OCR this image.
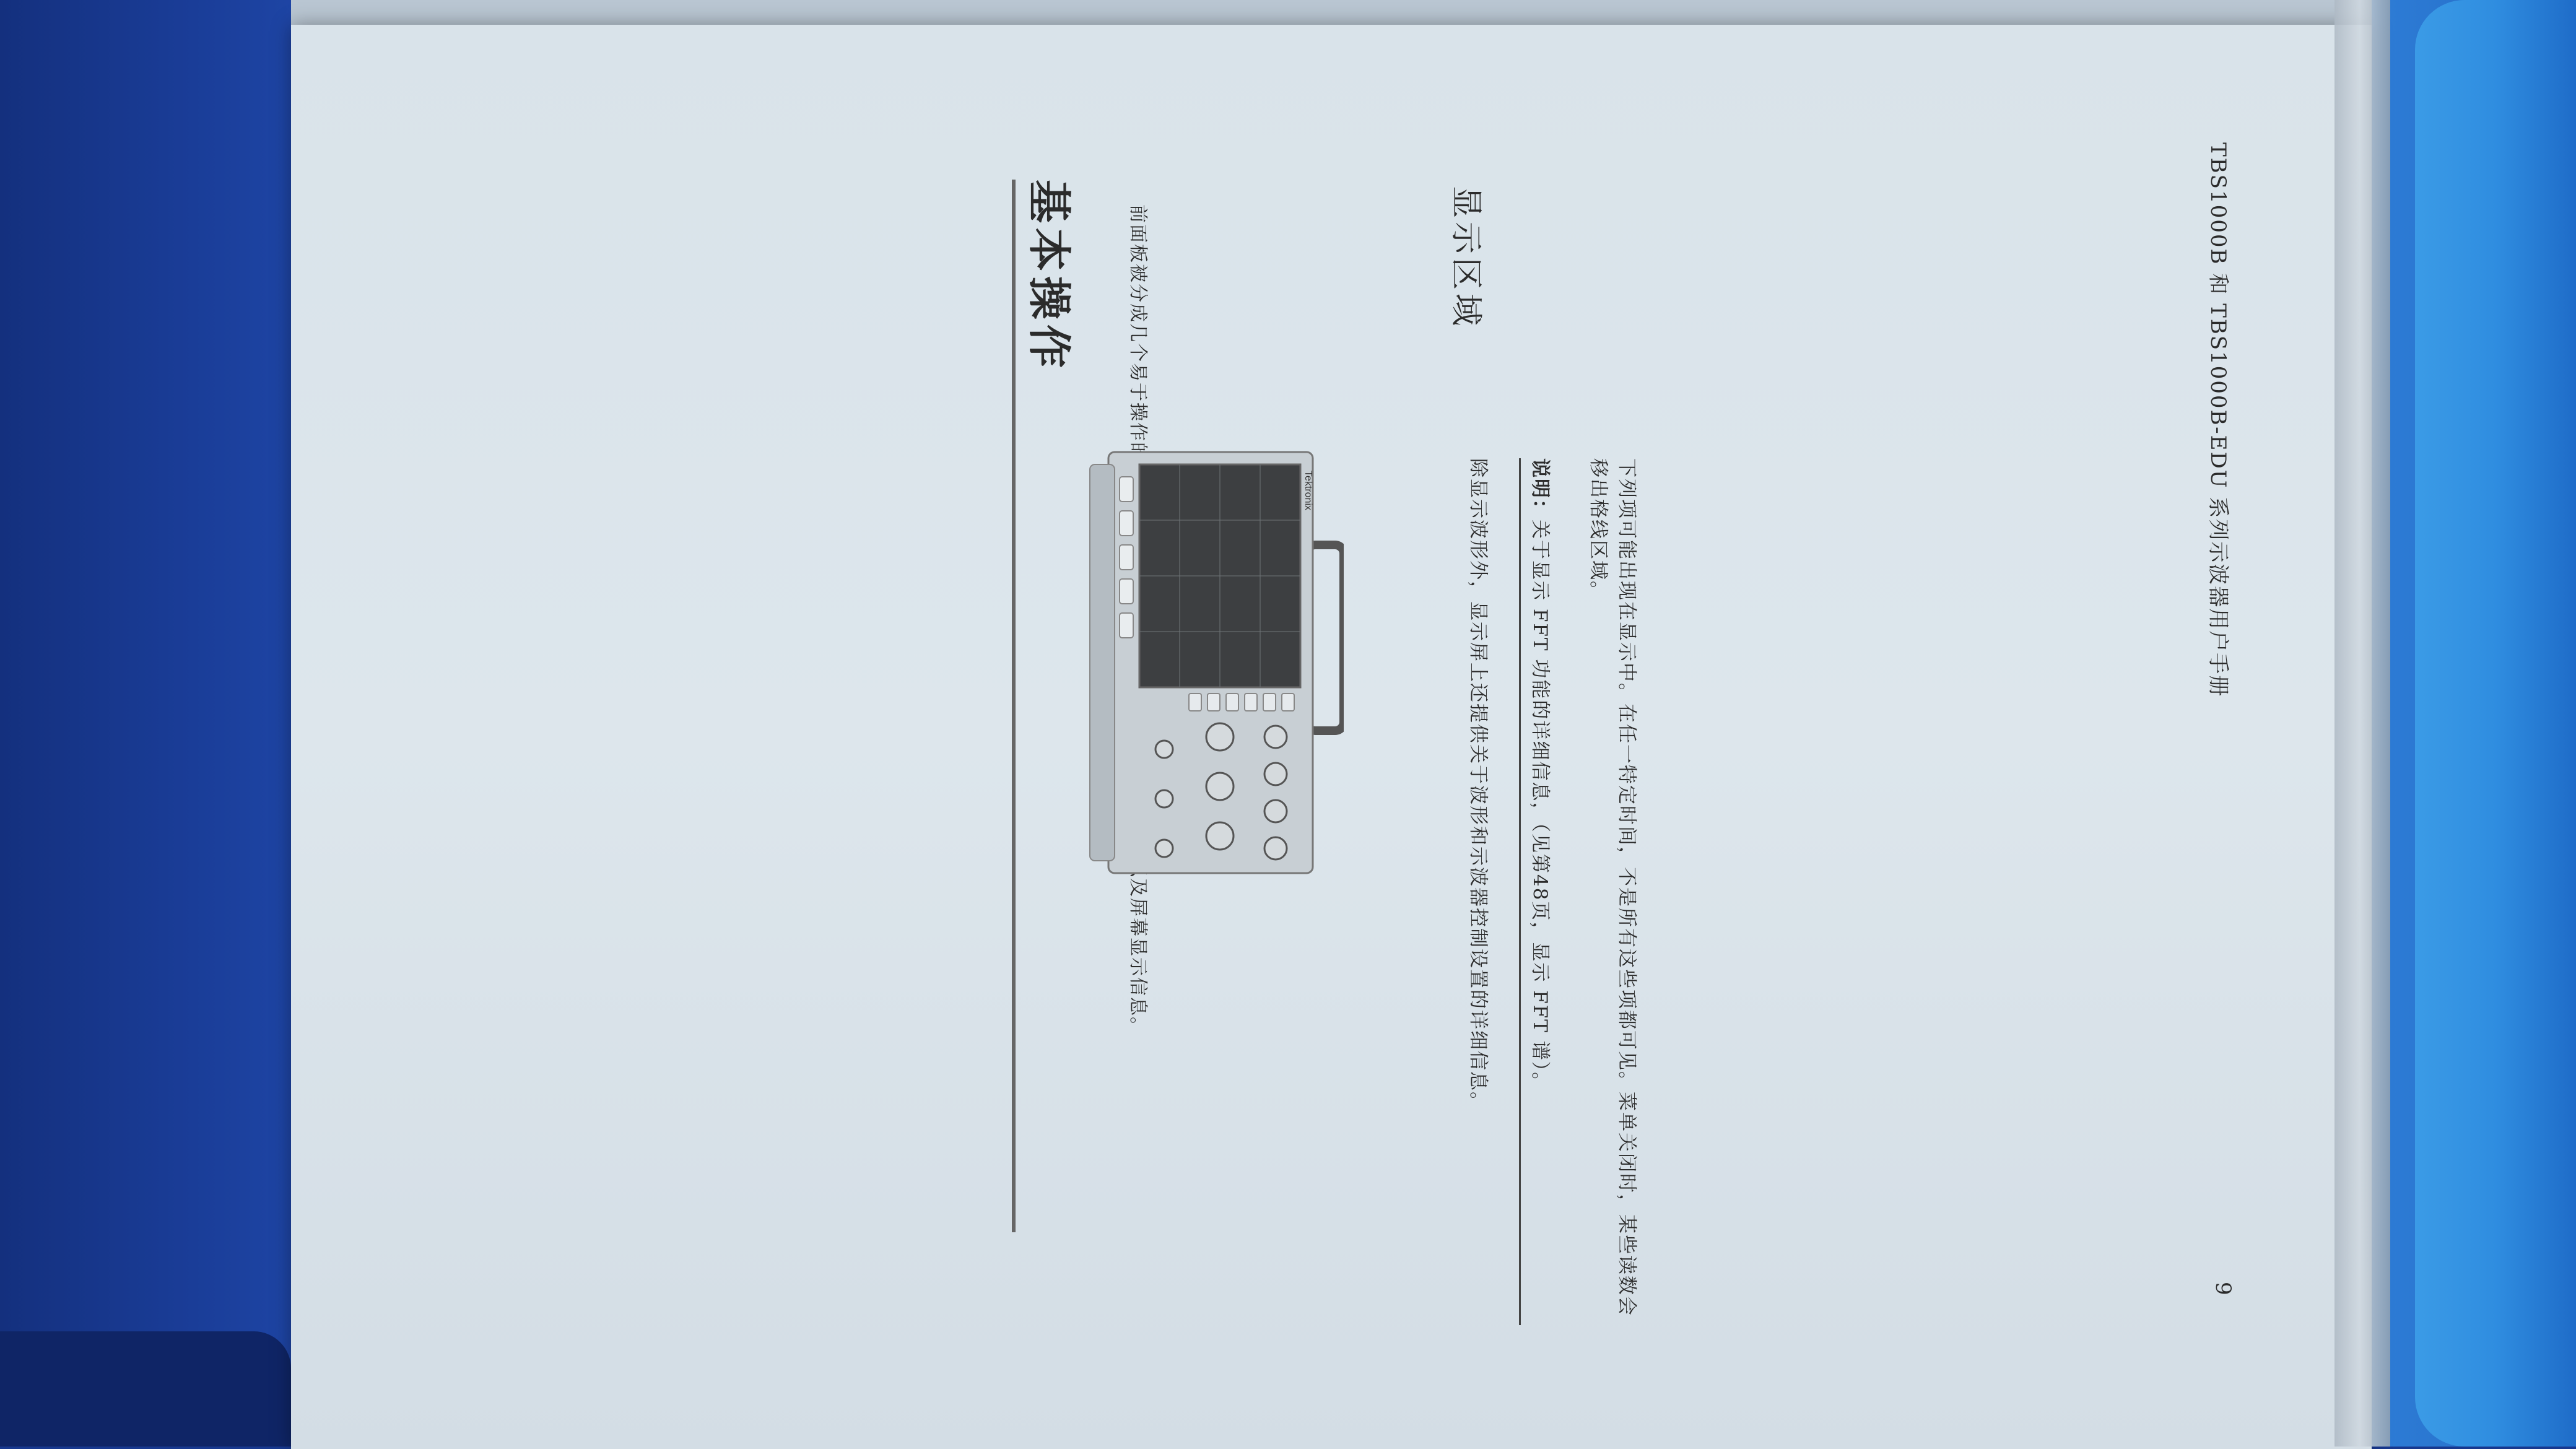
基本操作
Tektronix
显示区域
除显示波形外，显示屏上还提供关于波形和示波器控制设置的详细信息。	说明：关于显示 FFT 功能的详细信息，（见第48页，显示 FFT 谱）。	下列项可能出现在显示中。在任一特定时间，不是所有这些项都可见。菜单关闭时，某些读数会移出格线区域。	TBS1000B 和 TBS1000B-EDU 系列示波器用户手册
9
